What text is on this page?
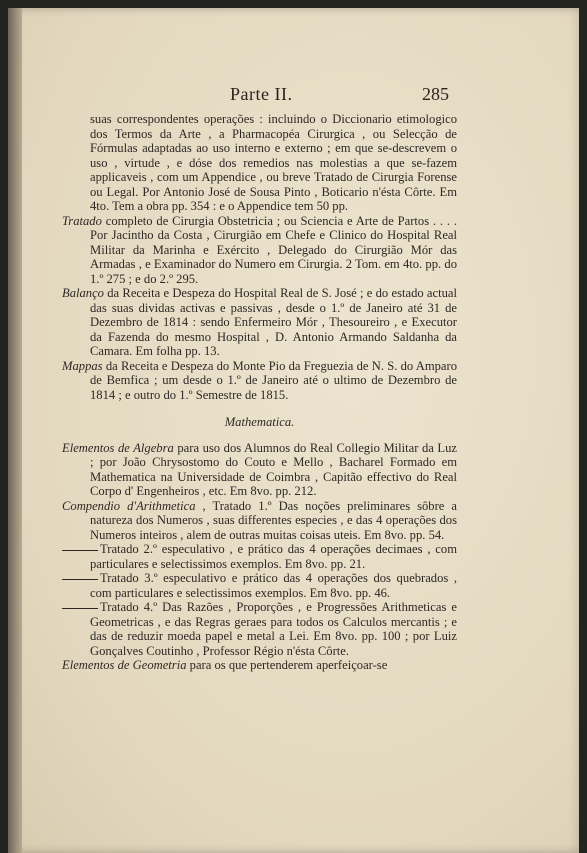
Parte II.	285

suas correspondentes operações : incluindo o Diccionario etimologico dos Termos da Arte , a Pharmacopéa Cirurgica , ou Selecção de Fórmulas adaptadas ao uso interno e externo ; em que se-descrevem o uso , virtude , e dóse dos remedios nas molestias a que se-fazem applicaveis , com um Appendice , ou breve Tratado de Cirurgia Forense ou Legal. Por Antonio José de Sousa Pinto , Boticario n'ésta Côrte. Em 4to. Tem a obra pp. 354 : e o Appendice tem 50 pp.

Tratado completo de Cirurgia Obstetricia ; ou Sciencia e Arte de Partos . . . . Por Jacintho da Costa , Cirurgião em Chefe e Clinico do Hospital Real Militar da Marinha e Exército , Delegado do Cirurgião Mór das Armadas , e Examinador do Numero em Cirurgia. 2 Tom. em 4to. pp. do 1.º 275 ; e do 2.º 295.

Balanço da Receita e Despeza do Hospital Real de S. José ; e do estado actual das suas dividas activas e passivas , desde o 1.º de Janeiro até 31 de Dezembro de 1814 : sendo Enfermeiro Mór , Thesoureiro , e Executor da Fazenda do mesmo Hospital , D. Antonio Armando Saldanha da Camara. Em folha pp. 13.

Mappas da Receita e Despeza do Monte Pio da Freguezia de N. S. do Amparo de Bemfica ; um desde o 1.º de Janeiro até o ultimo de Dezembro de 1814 ; e outro do 1.º Semestre de 1815.

Mathematica.

Elementos de Algebra para uso dos Alumnos do Real Collegio Militar da Luz ; por João Chrysostomo do Couto e Mello , Bacharel Formado em Mathematica na Universidade de Coimbra , Capitão effectivo do Real Corpo d' Engenheiros , etc. Em 8vo. pp. 212.

Compendio d'Arithmetica , Tratado 1.º Das noções preliminares sôbre a natureza dos Numeros , suas differentes especies , e das 4 operações dos Numeros inteiros , alem de outras muitas coisas uteis. Em 8vo. pp. 54.

Tratado 2.º especulativo , e prático das 4 operações decimaes , com particulares e selectissimos exemplos. Em 8vo. pp. 21.

Tratado 3.º especulativo e prático das 4 operações dos quebrados , com particulares e selectissimos exemplos. Em 8vo. pp. 46.

Tratado 4.º Das Razões , Proporções , e Progressões Arithmeticas e Geometricas , e das Regras geraes para todos os Calculos mercantis ; e das de reduzir moeda papel e metal a Lei. Em 8vo. pp. 100 ; por Luiz Gonçalves Coutinho , Professor Régio n'ésta Côrte.

Elementos de Geometria para os que pertenderem aperfeiçoar-se
